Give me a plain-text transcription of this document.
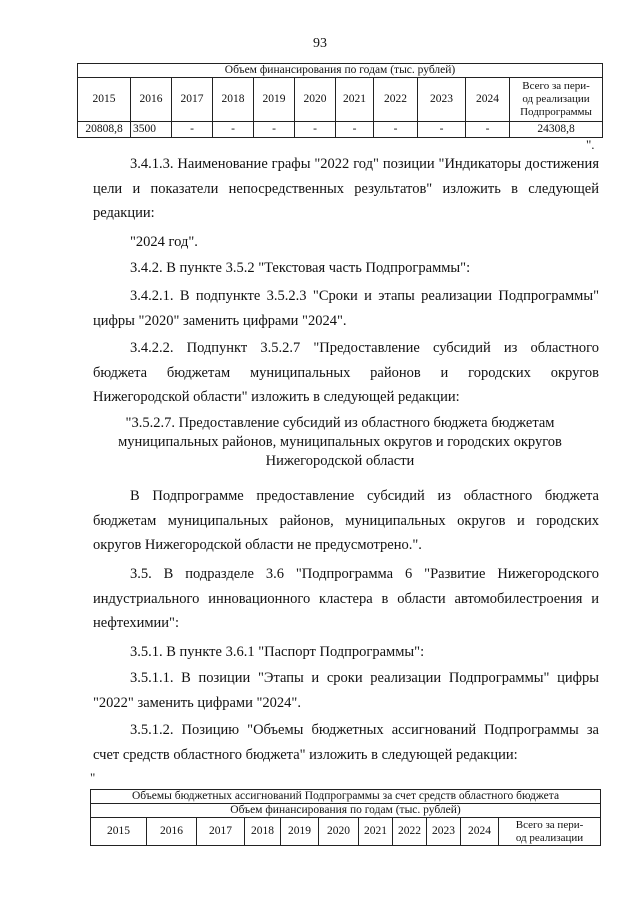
93
Объем финансирования по годам (тыс. рублей)										
2015	2016	2017	2018	2019	2020	2021	2022	2023	2024	Всего за пери-
од реализации
Подпрограммы

20808,8	3500	-	-	-	-	-	-	-	-	24308,8
".

3.4.1.3. Наименование графы "2022 год" позиции "Индикаторы достижения цели и показатели непосредственных результатов" изложить в следующей редакции:

"2024 год".

3.4.2. В пункте 3.5.2 "Текстовая часть Подпрограммы":

3.4.2.1. В подпункте 3.5.2.3 "Сроки и этапы реализации Подпрограммы" цифры "2020" заменить цифрами "2024".

3.4.2.2. Подпункт 3.5.2.7 "Предоставление субсидий из областного бюджета бюджетам муниципальных районов и городских округов Нижегородской области" изложить в следующей редакции:

"3.5.2.7. Предоставление субсидий из областного бюджета бюджетам
муниципальных районов, муниципальных округов и городских округов
Нижегородской области

В Подпрограмме предоставление субсидий из областного бюджета бюджетам муниципальных районов, муниципальных округов и городских округов Нижегородской области не предусмотрено.".

3.5. В подразделе 3.6 "Подпрограмма 6 "Развитие Нижегородского индустриального инновационного кластера в области автомобилестроения и нефтехимии":

3.5.1. В пункте 3.6.1 "Паспорт Подпрограммы":

3.5.1.1. В позиции "Этапы и сроки реализации Подпрограммы" цифры "2022" заменить цифрами "2024".

3.5.1.2. Позицию "Объемы бюджетных ассигнований Подпрограммы за счет средств областного бюджета" изложить в следующей редакции:

"
Объемы бюджетных ассигнований Подпрограммы за счет средств областного бюджета
Объем финансирования по годам (тыс. рублей)
2015	2016	2017	2018	2019	2020	2021	2022	2023	2024	
Всего за пери-
од реализации
